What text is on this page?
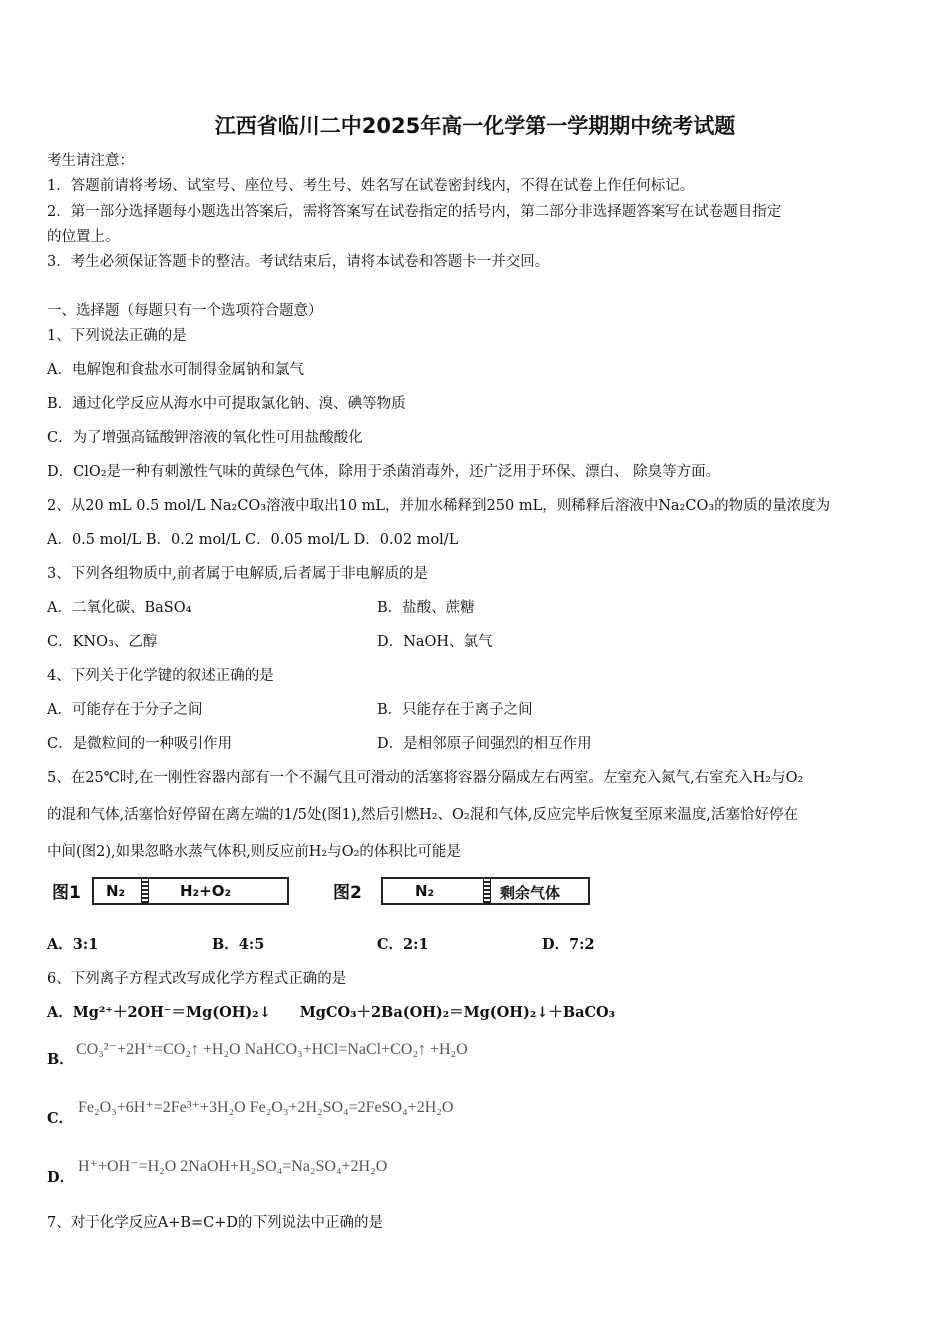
江西省临川二中2025年高一化学第一学期期中统考试题
考生请注意：
1．答题前请将考场、试室号、座位号、考生号、姓名写在试卷密封线内，不得在试卷上作任何标记。
2．第一部分选择题每小题选出答案后，需将答案写在试卷指定的括号内，第二部分非选择题答案写在试卷题目指定
的位置上。
3．考生必须保证答题卡的整洁。考试结束后，请将本试卷和答题卡一并交回。
一、选择题（每题只有一个选项符合题意）
1、下列说法正确的是
A．电解饱和食盐水可制得金属钠和氯气
B．通过化学反应从海水中可提取氯化钠、溴、碘等物质
C．为了增强高锰酸钾溶液的氧化性可用盐酸酸化
D．ClO₂是一种有刺激性气味的黄绿色气体，除用于杀菌消毒外，还广泛用于环保、漂白、 除臭等方面。
2、从20 mL 0.5 mol/L Na₂CO₃溶液中取出10 mL，并加水稀释到250 mL，则稀释后溶液中Na₂CO₃的物质的量浓度为
A．0.5 mol/L B．0.2 mol/L C．0.05 mol/L D．0.02 mol/L
3、下列各组物质中,前者属于电解质,后者属于非电解质的是
A．二氧化碳、BaSO₄	B．盐酸、蔗糖
C．KNO₃、乙醇	D．NaOH、氯气
4、下列关于化学键的叙述正确的是
A．可能存在于分子之间	B．只能存在于离子之间
C．是微粒间的一种吸引作用	D．是相邻原子间强烈的相互作用
5、在25℃时,在一刚性容器内部有一个不漏气且可滑动的活塞将容器分隔成左右两室。左室充入氮气,右室充入H₂与O₂
的混和气体,活塞恰好停留在离左端的1/5处(图1),然后引燃H₂、O₂混和气体,反应完毕后恢复至原来温度,活塞恰好停在
中间(图2),如果忽略水蒸气体积,则反应前H₂与O₂的体积比可能是
图1 N₂	H₂+O₂	图2	N₂	剩余气体
A．3:1	B．4:5	C．2:1	D．7:2
6、下列离子方程式改写成化学方程式正确的是
A．Mg²⁺＋2OH⁻＝Mg(OH)₂↓　　MgCO₃＋2Ba(OH)₂＝Mg(OH)₂↓＋BaCO₃
B．
CO₃²⁻+2H⁺=CO₂↑ +H₂O NaHCO₃+HCl=NaCl+CO₂↑ +H₂O
C．
Fe₂O₃+6H⁺=2Fe³⁺+3H₂O Fe₂O₃+2H₂SO₄=2FeSO₄+2H₂O
D．
H⁺+OH⁻=H₂O 2NaOH+H₂SO₄=Na₂SO₄+2H₂O
7、对于化学反应A+B=C+D的下列说法中正确的是
